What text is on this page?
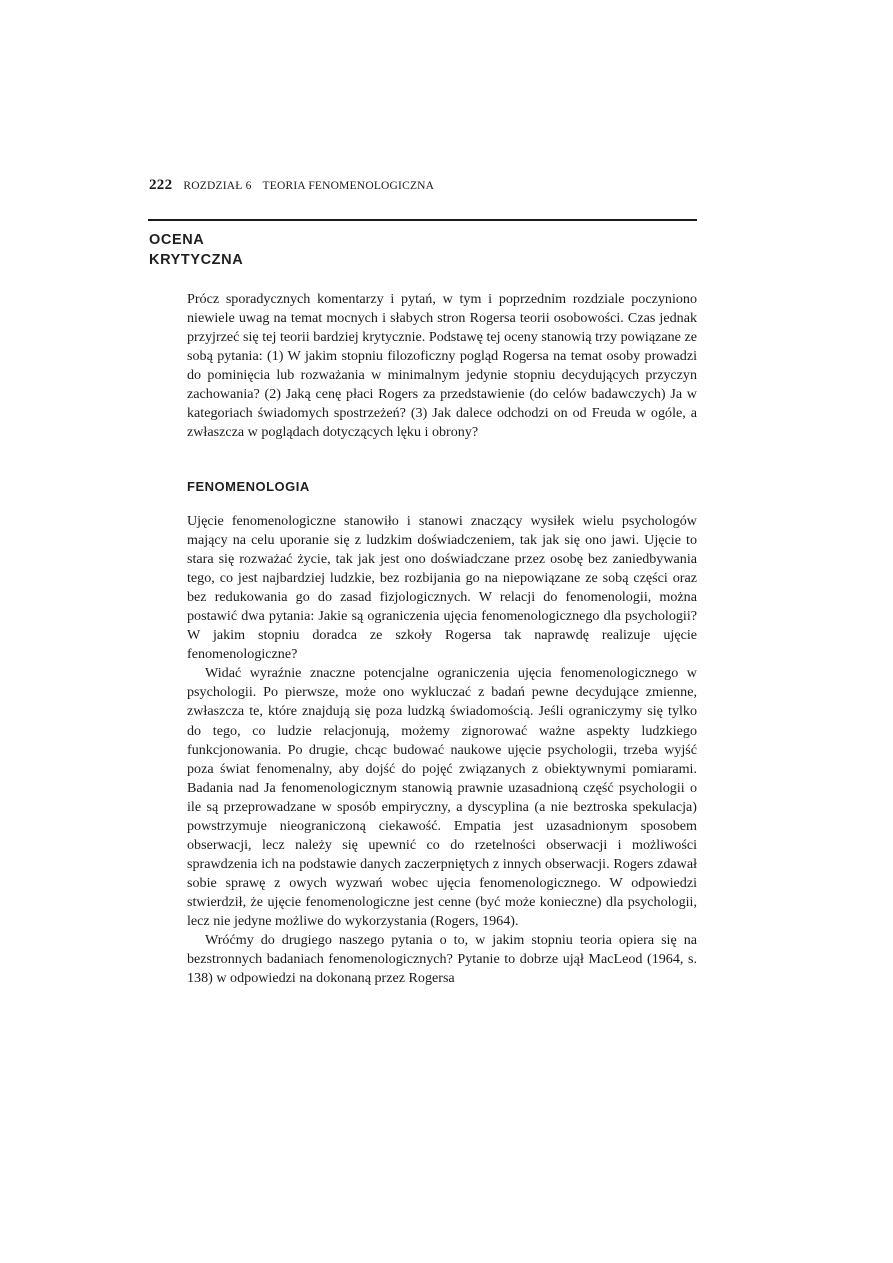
222 ROZDZIAŁ 6 TEORIA FENOMENOLOGICZNA
OCENA
KRYTYCZNA
Prócz sporadycznych komentarzy i pytań, w tym i poprzednim rozdziale poczyniono niewiele uwag na temat mocnych i słabych stron Rogersa teorii osobowości. Czas jednak przyjrzeć się tej teorii bardziej krytycznie. Podstawę tej oceny stanowią trzy powiązane ze sobą pytania: (1) W jakim stopniu filozoficzny pogląd Rogersa na temat osoby prowadzi do pominięcia lub rozważania w minimalnym jedynie stopniu decydujących przyczyn zachowania? (2) Jaką cenę płaci Rogers za przedstawienie (do celów badawczych) Ja w kategoriach świadomych spostrzeżeń? (3) Jak dalece odchodzi on od Freuda w ogóle, a zwłaszcza w poglądach dotyczących lęku i obrony?
FENOMENOLOGIA

Ujęcie fenomenologiczne stanowiło i stanowi znaczący wysiłek wielu psychologów mający na celu uporanie się z ludzkim doświadczeniem, tak jak się ono jawi. Ujęcie to stara się rozważać życie, tak jak jest ono doświadczane przez osobę bez zaniedbywania tego, co jest najbardziej ludzkie, bez rozbijania go na niepowiązane ze sobą części oraz bez redukowania go do zasad fizjologicznych. W relacji do fenomenologii, można postawić dwa pytania: Jakie są ograniczenia ujęcia fenomenologicznego dla psychologii? W jakim stopniu doradca ze szkoły Rogersa tak naprawdę realizuje ujęcie fenomenologiczne?

Widać wyraźnie znaczne potencjalne ograniczenia ujęcia fenomenologicznego w psychologii. Po pierwsze, może ono wykluczać z badań pewne decydujące zmienne, zwłaszcza te, które znajdują się poza ludzką świadomością. Jeśli ograniczymy się tylko do tego, co ludzie relacjonują, możemy zignorować ważne aspekty ludzkiego funkcjonowania. Po drugie, chcąc budować naukowe ujęcie psychologii, trzeba wyjść poza świat fenomenalny, aby dojść do pojęć związanych z obiektywnymi pomiarami. Badania nad Ja fenomenologicznym stanowią prawnie uzasadnioną część psychologii o ile są przeprowadzane w sposób empiryczny, a dyscyplina (a nie beztroska spekulacja) powstrzymuje nieograniczoną ciekawość. Empatia jest uzasadnionym sposobem obserwacji, lecz należy się upewnić co do rzetelności obserwacji i możliwości sprawdzenia ich na podstawie danych zaczerpniętych z innych obserwacji. Rogers zdawał sobie sprawę z owych wyzwań wobec ujęcia fenomenologicznego. W odpowiedzi stwierdził, że ujęcie fenomenologiczne jest cenne (być może konieczne) dla psychologii, lecz nie jedyne możliwe do wykorzystania (Rogers, 1964).

Wróćmy do drugiego naszego pytania o to, w jakim stopniu teoria opiera się na bezstronnych badaniach fenomenologicznych? Pytanie to dobrze ujął MacLeod (1964, s. 138) w odpowiedzi na dokonaną przez Rogersa
